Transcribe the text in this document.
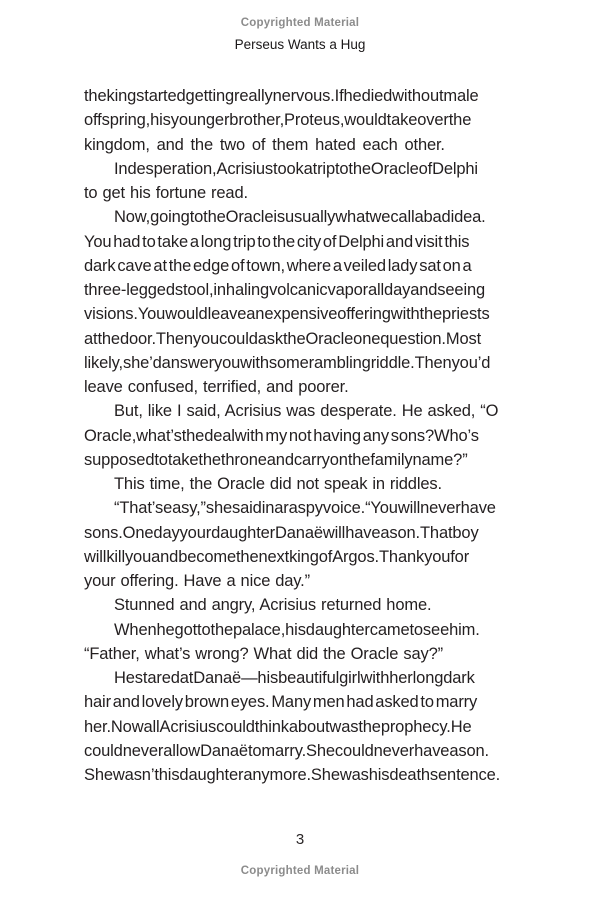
Copyrighted Material
Perseus Wants a Hug
thekingstartedgettingreallynervous.Ifhediedwithoutmale
offspring,hisyoungerbrother,Proteus,wouldtakeoverthe
kingdom, and the two of them hated each other.
Indesperation,AcrisiustookatriptotheOracleofDelphi
to get his fortune read.
Now,goingtotheOracleisusuallywhatwecallabadidea.
You had to take a long trip to the city of Delphi and visit this
dark cave at the edge of town, where a veiled lady sat on a
three-leggedstool,inhalingvolcanicvaporalldayandseeing
visions.Youwouldleaveanexpensiveofferingwiththepriests
atthedoor.ThenyoucouldasktheOracleonequestion.Most
likely,she’dansweryouwithsomeramblingriddle.Thenyou’d
leave confused, terrified, and poorer.
But, like I said, Acrisius was desperate. He asked, “O
Oracle,what’sthedealwith my not having any sons?Who’s
supposedtotakethethroneandcarryonthefamilyname?”
This time, the Oracle did not speak in riddles.
“That’seasy,”shesaidinaraspyvoice.“Youwillneverhave
sons.OnedayyourdaughterDanaëwillhaveason.Thatboy
willkillyouandbecomethenextkingofArgos.Thankyoufor
your offering. Have a nice day.”
Stunned and angry, Acrisius returned home.
Whenhegottothepalace,hisdaughtercametoseehim.
“Father, what’s wrong? What did the Oracle say?”
HestaredatDanaë—hisbeautifulgirlwithherlongdark
hair and lovely brown eyes. Many men had asked to marry
her.NowallAcrisiuscouldthinkaboutwastheprophecy.He
couldneverallowDanaëtomarry.Shecouldneverhaveason.
Shewasn’thisdaughteranymore.Shewashisdeathsentence.
3
Copyrighted Material
